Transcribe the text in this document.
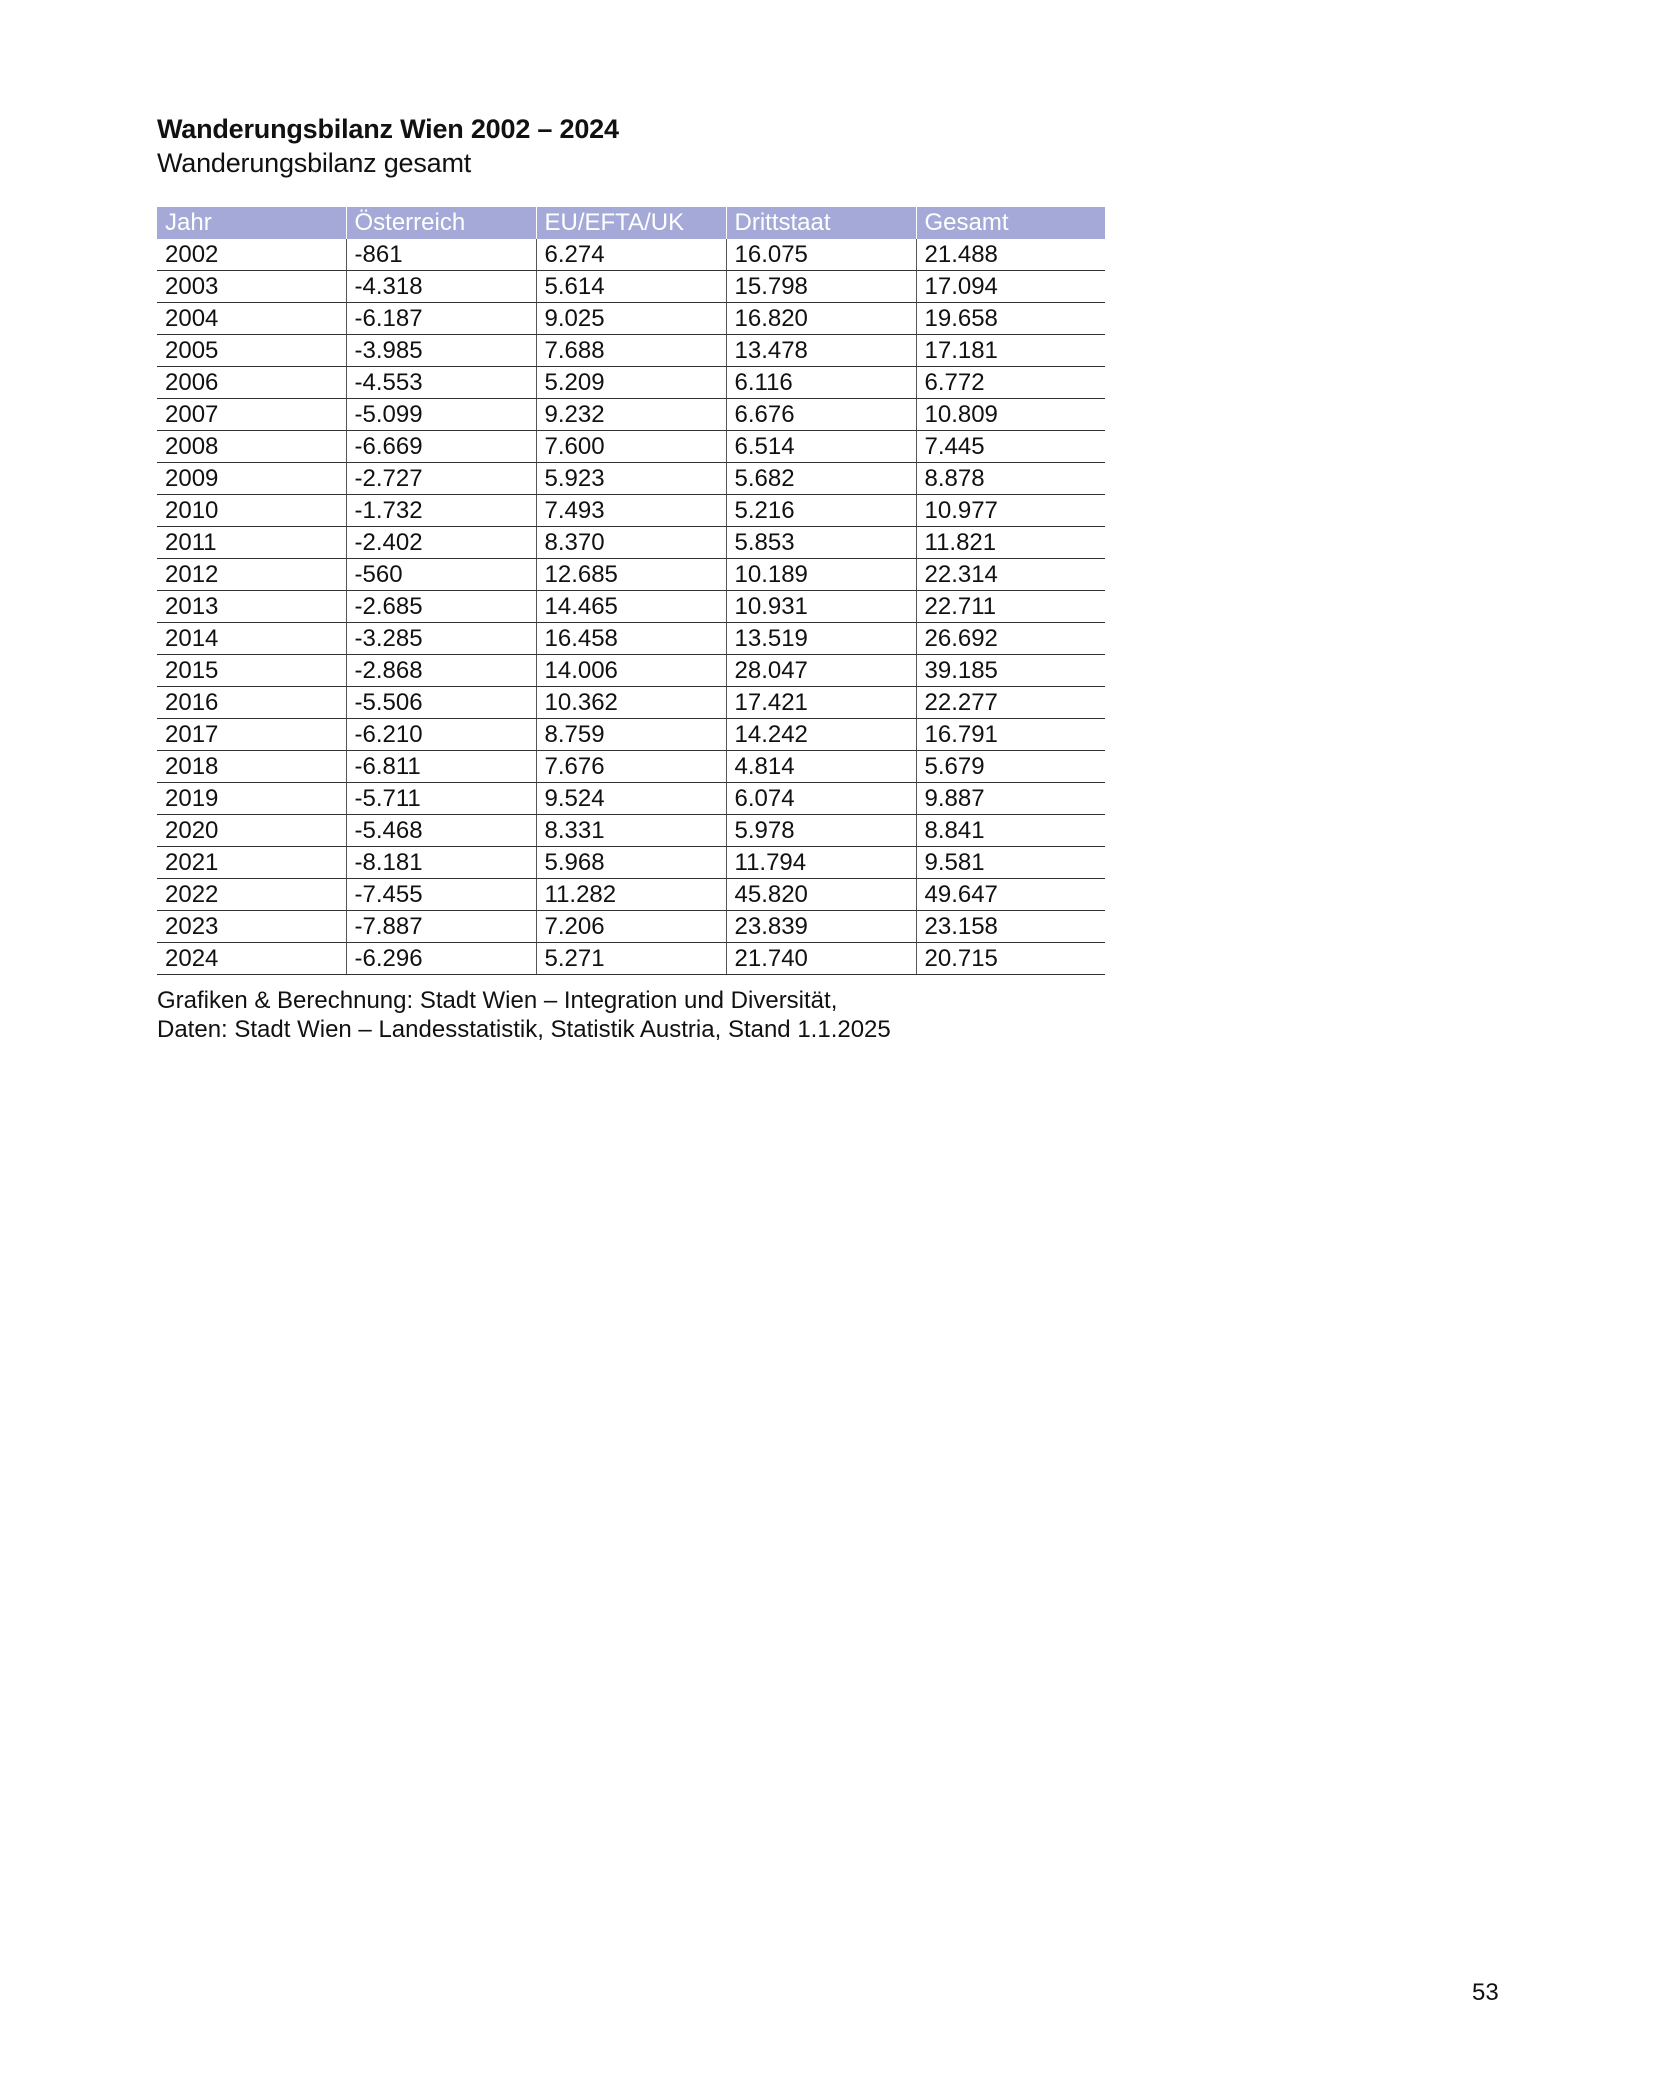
Wanderungsbilanz Wien 2002 – 2024
Wanderungsbilanz gesamt
Jahr	Österreich	EU/EFTA/UK	Drittstaat	Gesamt
2002	-861	6.274	16.075	21.488
2003	-4.318	5.614	15.798	17.094
2004	-6.187	9.025	16.820	19.658
2005	-3.985	7.688	13.478	17.181
2006	-4.553	5.209	6.116	6.772
2007	-5.099	9.232	6.676	10.809
2008	-6.669	7.600	6.514	7.445
2009	-2.727	5.923	5.682	8.878
2010	-1.732	7.493	5.216	10.977
2011	-2.402	8.370	5.853	11.821
2012	-560	12.685	10.189	22.314
2013	-2.685	14.465	10.931	22.711
2014	-3.285	16.458	13.519	26.692
2015	-2.868	14.006	28.047	39.185
2016	-5.506	10.362	17.421	22.277
2017	-6.210	8.759	14.242	16.791
2018	-6.811	7.676	4.814	5.679
2019	-5.711	9.524	6.074	9.887
2020	-5.468	8.331	5.978	8.841
2021	-8.181	5.968	11.794	9.581
2022	-7.455	11.282	45.820	49.647
2023	-7.887	7.206	23.839	23.158
2024	-6.296	5.271	21.740	20.715
Grafiken & Berechnung: Stadt Wien – Integration und Diversität,
Daten: Stadt Wien – Landesstatistik, Statistik Austria, Stand 1.1.2025
53
